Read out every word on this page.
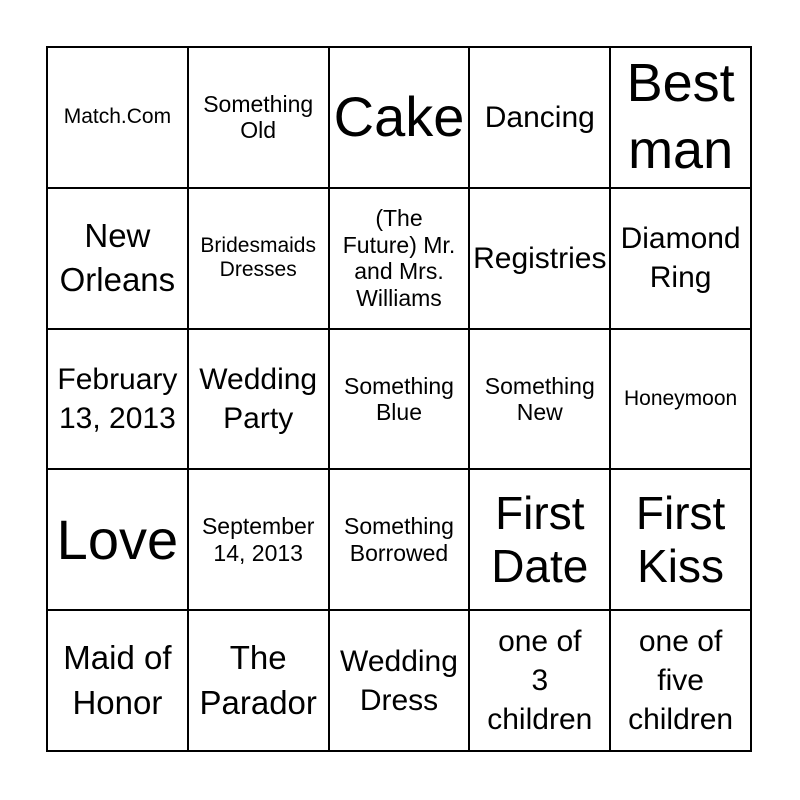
Match.Com Something
Old	Cake Dancing
Best
man
New
Orleans
Bridesmaids
Dresses
(The
Future) Mr.
and Mrs.
Williams
Registries
Diamond
Ring
February
13, 2013
Wedding
Party
Something
Blue
Something
New
Honeymoon
Love September
14, 2013
Something
Borrowed
First
Date
First
Kiss
Maid of
Honor
The
Parador
Wedding
Dress
one of
3
children
one of
five
children
